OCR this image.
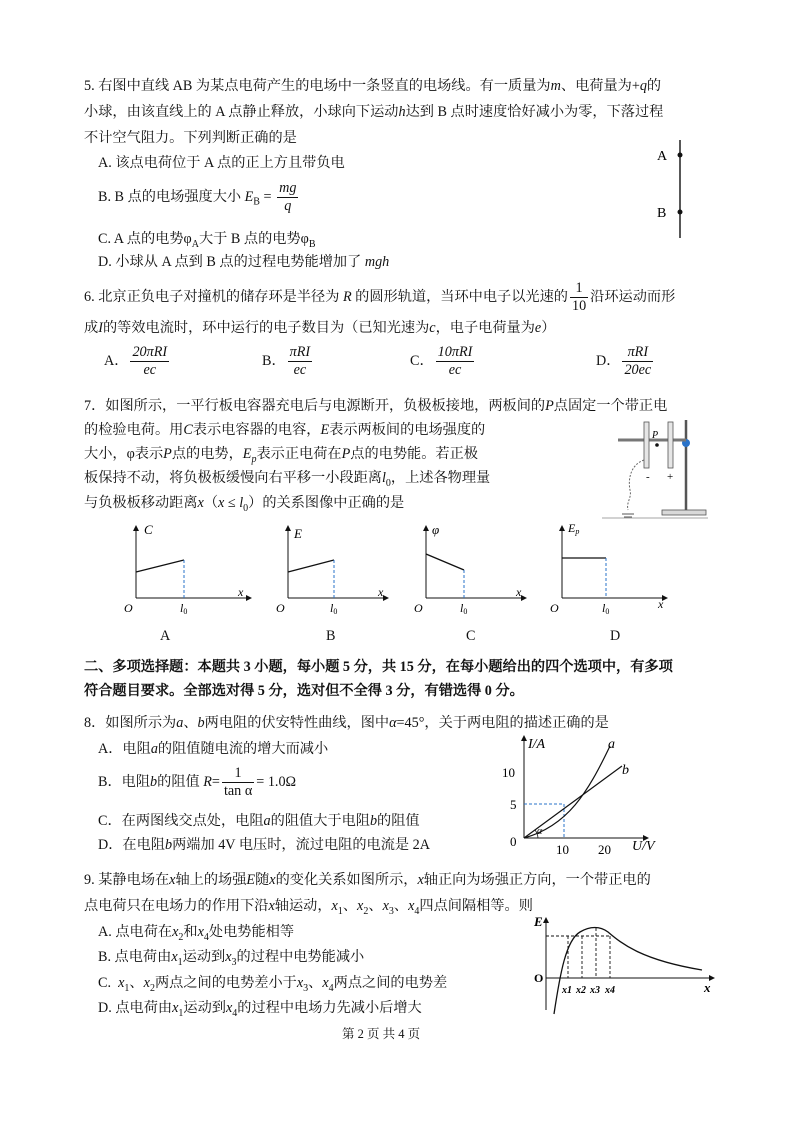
5. 右图中直线 AB 为某点电荷产生的电场中一条竖直的电场线。有一质量为m、电荷量为+q的
小球，由该直线上的 A 点静止释放，小球向下运动h达到 B 点时速度恰好减小为零，下落过程
不计空气阻力。下列判断正确的是
A. 该点电荷位于 A 点的正上方且带负电
B. B 点的电场强度大小 $E_B = \frac{mg}{q}$
C. A 点的电势$\varphi_A$大于 B 点的电势$\varphi_B$
D. 小球从 A 点到 B 点的过程电势能增加了 mgh
A
B
6. 北京正负电子对撞机的储存环是半径为 R 的圆形轨道，当环中电子以光速的 $\frac{1}{10}$ 沿环运动而形
成I的等效电流时，环中运行的电子数目为（已知光速为c，电子电荷量为e）
A． $\frac{\text{20πRI}}{ec}$	B． $\frac{\text{πRI}}{ec}$	C． $\frac{\text{10πRI}}{ec}$	D． $\frac{\text{πRI}}{20ec}$
7．如图所示，一平行板电容器充电后与电源断开，负极板接地，两板间的P点固定一个带正电
的检验电荷。用C表示电容器的电容，E表示两板间的电场强度的
大小，φ表示P点的电势，$E_p$表示正电荷在P点的电势能。若正极
板保持不动，将负极板缓慢向右平移一小段距离$l_0$，上述各物理量
与负极板移动距离$x(x \le l_0)$的关系图像中正确的是
P
- +
C
x
O	l0
A
E
x
O	l0
B
φ
x
O	l0
C
Ep
x
O	l0
D
二、多项选择题：本题共 3 小题，每小题 5 分，共 15 分，在每小题给出的四个选项中，有多项
符合题目要求。全部选对得 5 分，选对但不全得 3 分，有错选得 0 分。
8．如图所示为a、b两电阻的伏安特性曲线，图中α=45°，关于两电阻的描述正确的是
A．电阻a的阻值随电流的增大而减小
B．电阻b的阻值 $R= \frac{1}{\text{tan α}} = 1.0\Omega$
C．在两图线交点处，电阻a的阻值大于电阻b的阻值
D．在电阻b两端加 4V 电压时，流过电阻的电流是 2A
α
I/A
U/V
0
10 20
5
10
a
b
9. 某静电场在x轴上的场强E随x的变化关系如图所示，x轴正向为场强正方向，一个带正电的
点电荷只在电场力的作用下沿x轴运动，$x_1$、$x_2$、$x_3$、$x_4$四点间隔相等。则
A. 点电荷在$x_2$和$x_4$处电势能相等
B. 点电荷由$x_1$运动到$x_3$的过程中电势能减小
C. $x_1$、$x_2$两点之间的电势差小于$x_3$、$x_4$两点之间的电势差
D. 点电荷由$x_1$运动到$x_4$的过程中电场力先减小后增大
E
O
x
x1 x2 x3 x4
第 2 页 共 4 页
